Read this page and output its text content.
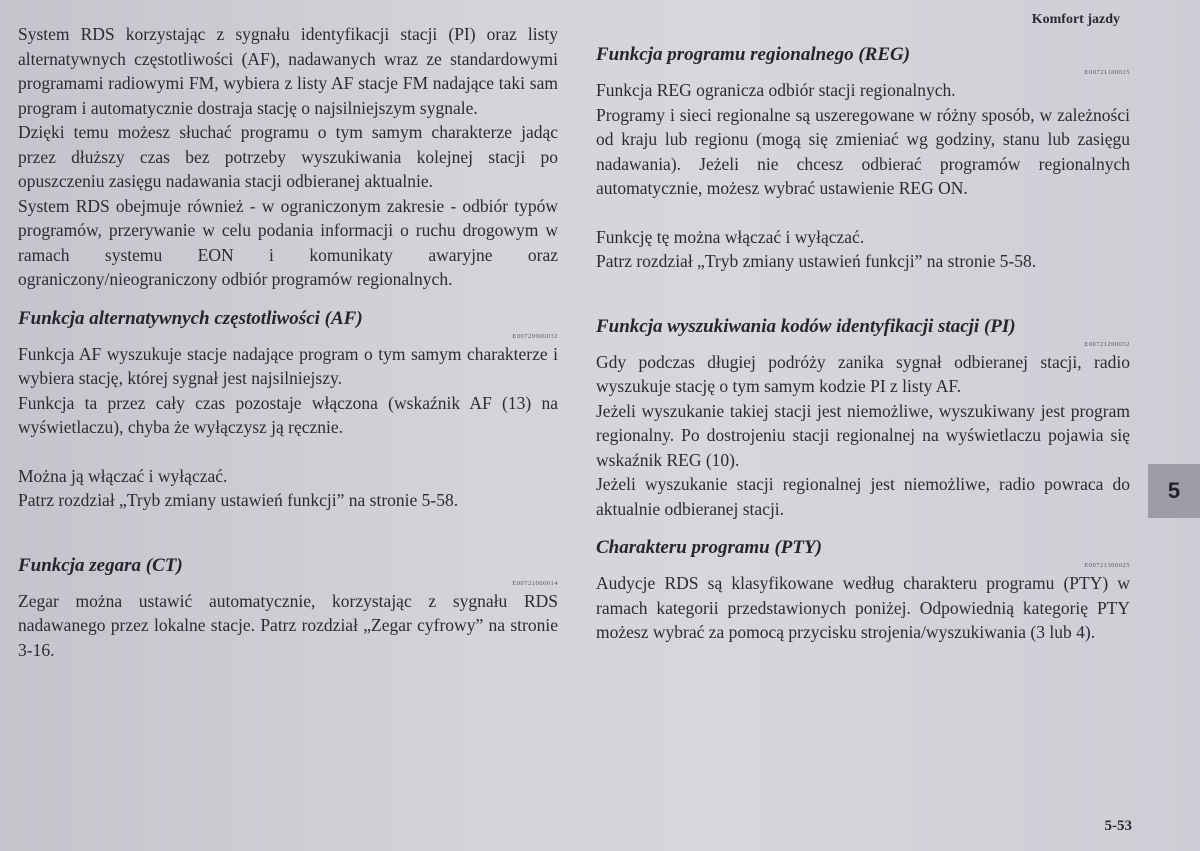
Komfort jazdy

System RDS korzystając z sygnału identyfikacji stacji (PI) oraz listy alternatywnych częstotliwości (AF), nadawanych wraz ze standardowymi programami radiowymi FM, wybiera z listy AF stacje FM nadające taki sam program i automatycznie dostraja stację o najsilniejszym sygnale.

Dzięki temu możesz słuchać programu o tym samym charakterze jadąc przez dłuższy czas bez potrzeby wyszukiwania kolejnej stacji po opuszczeniu zasięgu nadawania stacji odbieranej aktualnie.

System RDS obejmuje również - w ograniczonym zakresie - odbiór typów programów, przerywanie w celu podania informacji o ruchu drogowym w ramach systemu EON i komunikaty awaryjne oraz ograniczony/nieograniczony odbiór programów regionalnych.

Funkcja alternatywnych częstotliwości (AF)
E00720900032

Funkcja AF wyszukuje stacje nadające program o tym samym charakterze i wybiera stację, której sygnał jest najsilniejszy.

Funkcja ta przez cały czas pozostaje włączona (wskaźnik AF (13) na wyświetlaczu), chyba że wyłączysz ją ręcznie.

Można ją włączać i wyłączać.

Patrz rozdział „Tryb zmiany ustawień funkcji” na stronie 5-58.

Funkcja zegara (CT)
E00721000014

Zegar można ustawić automatycznie, korzystając z sygnału RDS nadawanego przez lokalne stacje. Patrz rozdział „Zegar cyfrowy” na stronie 3-16.

Funkcja programu regionalnego (REG)
E00721100015

Funkcja REG ogranicza odbiór stacji regionalnych.

Programy i sieci regionalne są uszeregowane w różny sposób, w zależności od kraju lub regionu (mogą się zmieniać wg godziny, stanu lub zasięgu nadawania). Jeżeli nie chcesz odbierać programów regionalnych automatycznie, możesz wybrać ustawienie REG ON.

Funkcję tę można włączać i wyłączać.

Patrz rozdział „Tryb zmiany ustawień funkcji” na stronie 5-58.

Funkcja wyszukiwania kodów identyfikacji stacji (PI)
E00721200032

Gdy podczas długiej podróży zanika sygnał odbieranej stacji, radio wyszukuje stację o tym samym kodzie PI z listy AF.

Jeżeli wyszukanie takiej stacji jest niemożliwe, wyszukiwany jest program regionalny. Po dostrojeniu stacji regionalnej na wyświetlaczu pojawia się wskaźnik REG (10).

Jeżeli wyszukanie stacji regionalnej jest niemożliwe, radio powraca do aktualnie odbieranej stacji.

Charakteru programu (PTY)
E00721300025

Audycje RDS są klasyfikowane według charakteru programu (PTY) w ramach kategorii przedstawionych poniżej. Odpowiednią kategorię PTY możesz wybrać za pomocą przycisku strojenia/wyszukiwania (3 lub 4).

5
5-53
